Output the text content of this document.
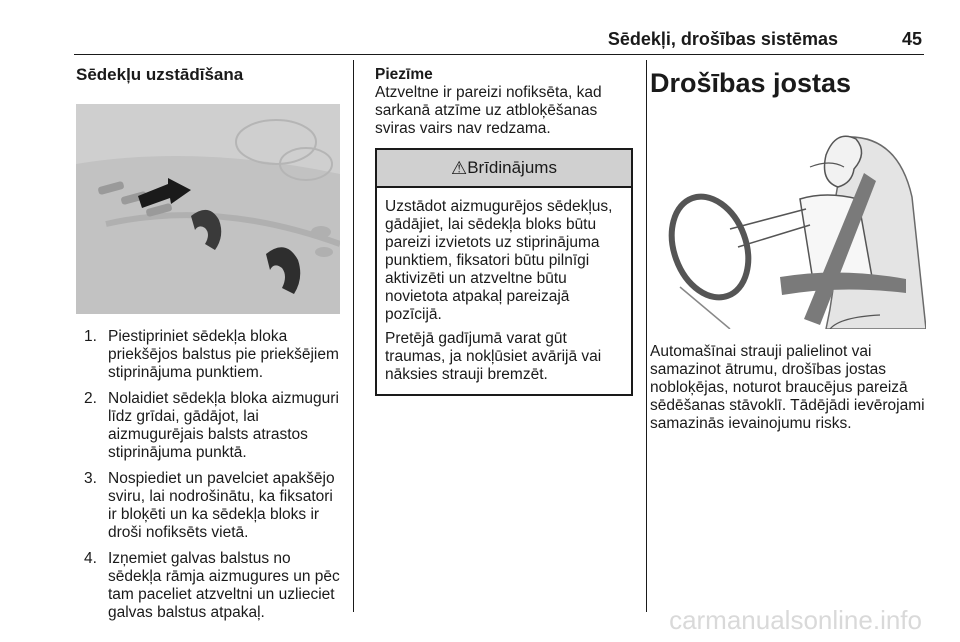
Sēdekļi, drošības sistēmas	45
Sēdekļu uzstādīšana
1. Piestipriniet sēdekļa bloka priekšējos balstus pie priekšējiem stiprinājuma punktiem.
2. Nolaidiet sēdekļa bloka aizmuguri līdz grīdai, gādājot, lai aizmugurējais balsts atrastos stiprinājuma punktā.
3. Nospiediet un pavelciet apakšējo sviru, lai nodrošinātu, ka fiksatori ir bloķēti un ka sēdekļa bloks ir droši nofiksēts vietā.
4. Izņemiet galvas balstus no sēdekļa rāmja aizmugures un pēc tam paceliet atzveltni un uzlieciet galvas balstus atpakaļ.
Piezīme
Atzveltne ir pareizi nofiksēta, kad sarkanā atzīme uz atbloķēšanas sviras vairs nav redzama.
⚠ Brīdinājums

Uzstādot aizmugurējos sēdekļus, gādājiet, lai sēdekļa bloks būtu pareizi izvietots uz stiprinājuma punktiem, fiksatori būtu pilnīgi aktivizēti un atzveltne būtu novietota atpakaļ pareizajā pozīcijā.

Pretējā gadījumā varat gūt traumas, ja nokļūsiet avārijā vai nāksies strauji bremzēt.

Drošības jostas
Automašīnai strauji palielinot vai samazinot ātrumu, drošības jostas nobloķējas, noturot braucējus pareizā sēdēšanas stāvoklī. Tādējādi ievērojami samazinās ievainojumu risks.
carmanualsonline.info
